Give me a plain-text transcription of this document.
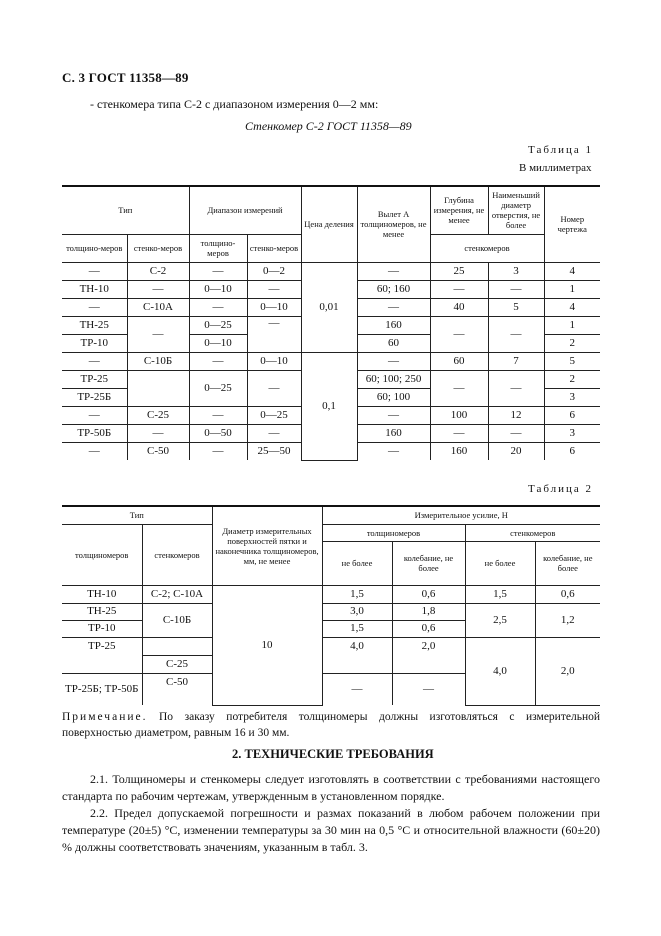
С. 3 ГОСТ 11358—89
- стенкомера типа С-2 с диапазоном измерения 0—2 мм:
Стенкомер С-2 ГОСТ 11358—89
Таблица 1
В миллиметрах
Тип		Диапазон измерений		Цена деления	Вылет A толщиномеров, не менее	Глубина измерения, не менее	Наименьший диаметр отверстия, не более	Номер чертежа
толщино-меров	стенко-меров	толщино-меров	стенко-меров			стенкомеров		
—	С-2	—	0—2	0,01	—	25	3	4
ТН-10	—	0—10	—		60; 160	—	—	1
—	С-10А	—	0—10		—	40	5	4
ТН-25	—	0—25	—		160	—	—	1
ТР-10		0—10			60			2
—	С-10Б	—	0—10	0,1	—	60	7	5
ТР-25		0—25	—		60; 100; 250	—	—	2
ТР-25Б					60; 100			3
—	С-25	—	0—25		—	100	12	6
ТР-50Б	—	0—50	—		160	—	—	3
—	С-50	—	25—50		—	160	20	6
Таблица 2
Тип		Диаметр измерительных поверхностей пятки и наконечника толщиномеров, мм, не менее	Измерительное усилие, Н			
толщиномеров	стенкомеров		толщиномеров		стенкомеров	
			не более	колебание, не более	не более	колебание, не более
ТН-10	С-2; С-10А	10	1,5	0,6	1,5	0,6
ТН-25	С-10Б		3,0	1,8	2,5	1,2
ТР-10			1,5	0,6		
ТР-25			4,0	2,0	4,0	2,0
	С-25					
ТР-25Б; ТР-50Б	С-50		—	—		
Примечание. По заказу потребителя толщиномеры должны изготовляться с измерительной поверхностью диаметром, равным 16 и 30 мм.
2. ТЕХНИЧЕСКИЕ ТРЕБОВАНИЯ
2.1. Толщиномеры и стенкомеры следует изготовлять в соответствии с требованиями настоящего стандарта по рабочим чертежам, утвержденным в установленном порядке.
2.2. Предел допускаемой погрешности и размах показаний в любом рабочем положении при температуре (20±5) °С, изменении температуры за 30 мин на 0,5 °С и относительной влажности (60±20) % должны соответствовать значениям, указанным в табл. 3.
